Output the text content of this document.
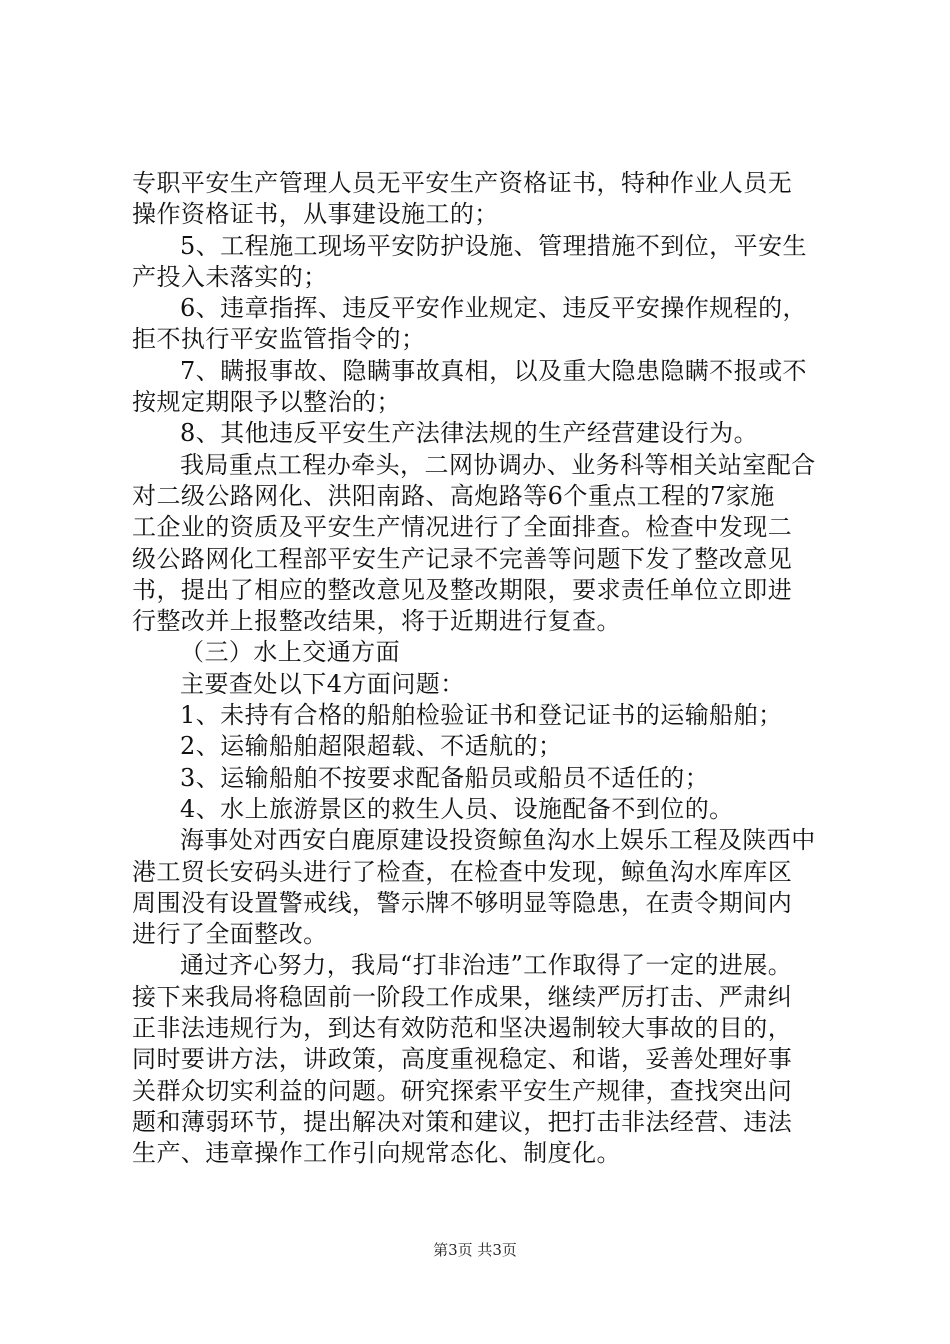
专职平安生产管理人员无平安生产资格证书，特种作业人员无
操作资格证书，从事建设施工的；
5、工程施工现场平安防护设施、管理措施不到位，平安生
产投入未落实的；
6、违章指挥、违反平安作业规定、违反平安操作规程的，
拒不执行平安监管指令的；
7、瞒报事故、隐瞒事故真相，以及重大隐患隐瞒不报或不
按规定期限予以整治的；
8、其他违反平安生产法律法规的生产经营建设行为。
我局重点工程办牵头，二网协调办、业务科等相关站室配合
对二级公路网化、洪阳南路、高炮路等6个重点工程的7家施
工企业的资质及平安生产情况进行了全面排查。检查中发现二
级公路网化工程部平安生产记录不完善等问题下发了整改意见
书，提出了相应的整改意见及整改期限，要求责任单位立即进
行整改并上报整改结果，将于近期进行复查。
（三）水上交通方面
主要查处以下4方面问题：
1、未持有合格的船舶检验证书和登记证书的运输船舶；
2、运输船舶超限超载、不适航的；
3、运输船舶不按要求配备船员或船员不适任的；
4、水上旅游景区的救生人员、设施配备不到位的。
海事处对西安白鹿原建设投资鲸鱼沟水上娱乐工程及陕西中
港工贸长安码头进行了检查，在检查中发现，鲸鱼沟水库库区
周围没有设置警戒线，警示牌不够明显等隐患，在责令期间内
进行了全面整改。
通过齐心努力，我局“打非治违”工作取得了一定的进展。
接下来我局将稳固前一阶段工作成果，继续严厉打击、严肃纠
正非法违规行为，到达有效防范和坚决遏制较大事故的目的，
同时要讲方法，讲政策，高度重视稳定、和谐，妥善处理好事
关群众切实利益的问题。研究探索平安生产规律，查找突出问
题和薄弱环节，提出解决对策和建议，把打击非法经营、违法
生产、违章操作工作引向规常态化、制度化。
第3页 共3页
